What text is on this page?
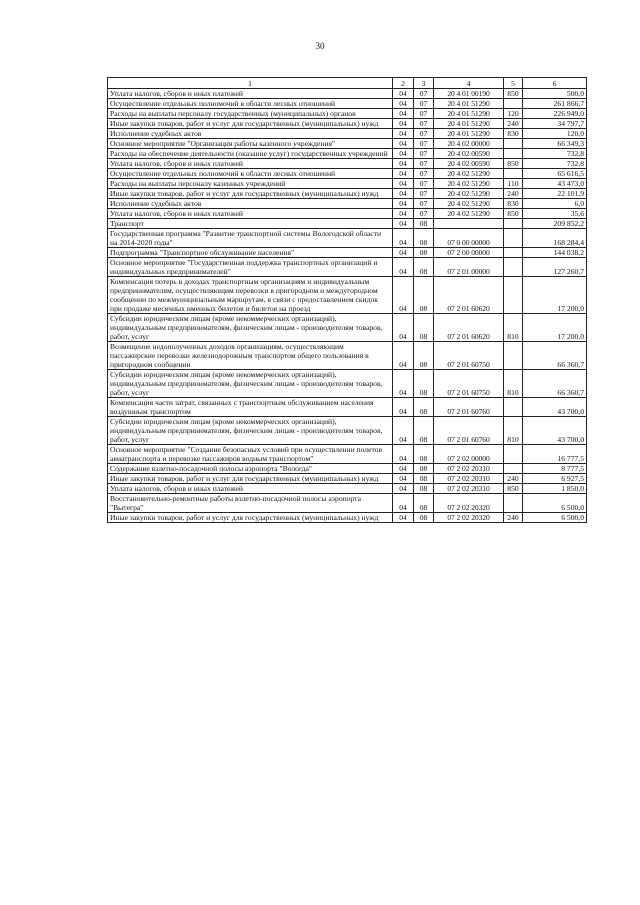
30
1	2	3	4	5	6
Уплата налогов, сборов и иных платежей	04	07	20 4 01 00190	850	500,0
Осуществление отдельных полномочий в области лесных отношений	04	07	20 4 01 51290		261 866,7
Расходы на выплаты персоналу государственных (муниципальных) органов	04	07	20 4 01 51290	120	226 949,0
Иные закупки товаров, работ и услуг для государственных (муниципальных) нужд	04	07	20 4 01 51290	240	34 797,7
Исполнение судебных актов	04	07	20 4 01 51290	830	120,0
Основное мероприятие "Организация работы казенного учреждения"	04	07	20 4 02 00000		66 349,3
Расходы на обеспечение деятельности (оказание услуг) государственных учреждений	04	07	20 4 02 00590		732,8
Уплата налогов, сборов и иных платежей	04	07	20 4 02 00590	850	732,8
Осуществление отдельных полномочий в области лесных отношений	04	07	20 4 02 51290		65 616,5
Расходы на выплаты персоналу казенных учреждений	04	07	20 4 02 51290	110	43 473,0
Иные закупки товаров, работ и услуг для государственных (муниципальных) нужд	04	07	20 4 02 51290	240	22 101,9
Исполнение судебных актов	04	07	20 4 02 51290	830	6,0
Уплата налогов, сборов и иных платежей	04	07	20 4 02 51290	850	35,6
Транспорт	04	08			209 852,2
Государственная программа "Развитие транспортной системы Вологодской области на 2014-2020 годы"	04	08	07 0 00 00000		168 284,4
Подпрограмма "Транспортное обслуживание населения"	04	08	07 2 00 00000		144 038,2
Основное мероприятие "Государственная поддержка транспортных организаций и индивидуальных предпринимателей"	04	08	07 2 01 00000		127 260,7
Компенсация потерь в доходах транспортным организациям и индивидуальным предпринимателям, осуществляющим перевозки в пригородном и междугородном сообщении по межмуниципальным маршрутам, в связи с предоставлением скидок при продаже месячных именных билетов и билетов на проезд	04	08	07 2 01 60620		17 200,0
Субсидии юридическим лицам (кроме некоммерческих организаций), индивидуальным предпринимателям, физическим лицам - производителям товаров, работ, услуг	04	08	07 2 01 60620	810	17 200,0
Возмещение недополученных доходов организациям, осуществляющим пассажирские перевозки железнодорожным транспортом общего пользования в пригородном сообщении	04	08	07 2 01 60750		66 360,7
Субсидии юридическим лицам (кроме некоммерческих организаций), индивидуальным предпринимателям, физическим лицам - производителям товаров, работ, услуг	04	08	07 2 01 60750	810	66 360,7
Компенсация части затрат, связанных с транспортным обслуживанием населения воздушным транспортом	04	08	07 2 01 60760		43 700,0
Субсидии юридическим лицам (кроме некоммерческих организаций), индивидуальным предпринимателям, физическим лицам - производителям товаров, работ, услуг	04	08	07 2 01 60760	810	43 700,0
Основное мероприятие "Создание безопасных условий при осуществлении полетов авиатранспорта и перевозке пассажиров водным транспортом"	04	08	07 2 02 00000		16 777,5
Содержание взлетно-посадочной полосы аэропорта "Вологда"	04	08	07 2 02 20310		8 777,5
Иные закупки товаров, работ и услуг для государственных (муниципальных) нужд	04	08	07 2 02 20310	240	6 927,5
Уплата налогов, сборов и иных платежей	04	08	07 2 02 20310	850	1 850,0
Восстановительно-ремонтные работы взлетно-посадочной полосы аэропорта "Вытегра"	04	08	07 2 02 20320		6 500,0
Иные закупки товаров, работ и услуг для государственных (муниципальных) нужд	04	08	07 2 02 20320	240	6 500,0
